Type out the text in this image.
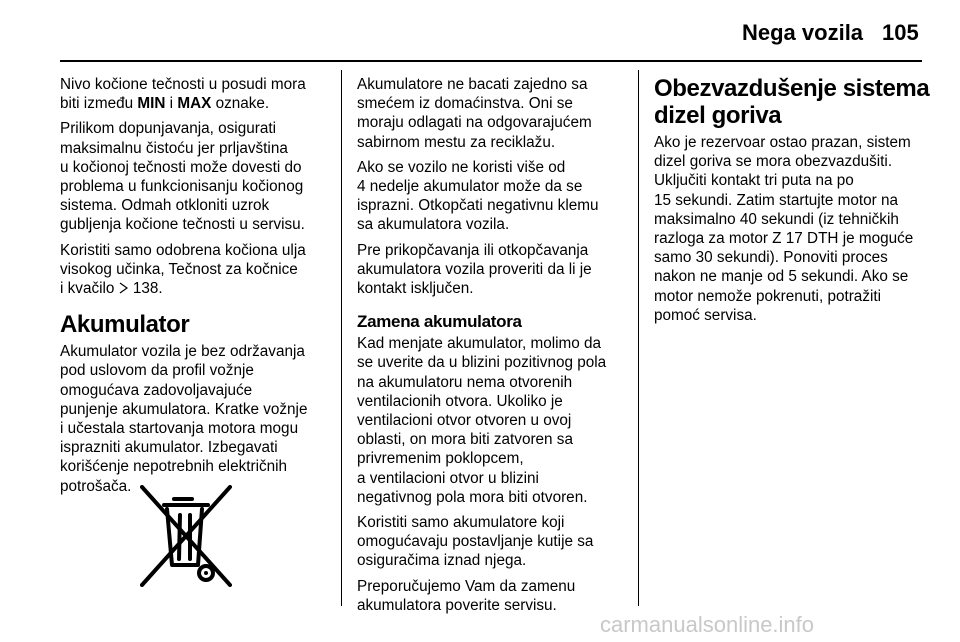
Nega vozila 105

Nivo kočione tečnosti u posudi mora
biti između MIN i MAX oznake.

Prilikom dopunjavanja, osigurati
maksimalnu čistoću jer prljavština
u kočionoj tečnosti može dovesti do
problema u funkcionisanju kočionog
sistema. Odmah otkloniti uzrok
gubljenja kočione tečnosti u servisu.

Koristiti samo odobrena kočiona ulja
visokog učinka, Tečnost za kočnice
i kvačilo  138.

Akumulator

Akumulator vozila je bez održavanja
pod uslovom da profil vožnje
omogućava zadovoljavajuće
punjenje akumulatora. Kratke vožnje
i učestala startovanja motora mogu
isprazniti akumulator. Izbegavati
korišćenje nepotrebnih električnih
potrošača.

Akumulatore ne bacati zajedno sa
smećem iz domaćinstva. Oni se
moraju odlagati na odgovarajućem
sabirnom mestu za reciklažu.

Ako se vozilo ne koristi više od
4 nedelje akumulator može da se
isprazni. Otkopčati negativnu klemu
sa akumulatora vozila.

Pre prikopčavanja ili otkopčavanja
akumulatora vozila proveriti da li je
kontakt isključen.

Zamena akumulatora

Kad menjate akumulator, molimo da
se uverite da u blizini pozitivnog pola
na akumulatoru nema otvorenih
ventilacionih otvora. Ukoliko je
ventilacioni otvor otvoren u ovoj
oblasti, on mora biti zatvoren sa
privremenim poklopcem,
a ventilacioni otvor u blizini
negativnog pola mora biti otvoren.

Koristiti samo akumulatore koji
omogućavaju postavljanje kutije sa
osiguračima iznad njega.

Preporučujemo Vam da zamenu
akumulatora poverite servisu.

Obezvazdušenje sistema
dizel goriva

Ako je rezervoar ostao prazan, sistem
dizel goriva se mora obezvazdušiti.
Uključiti kontakt tri puta na po
15 sekundi. Zatim startujte motor na
maksimalno 40 sekundi (iz tehničkih
razloga za motor Z 17 DTH je moguće
samo 30 sekundi). Ponoviti proces
nakon ne manje od 5 sekundi. Ako se
motor nemože pokrenuti, potražiti
pomoć servisa.

carmanualsonline.info
